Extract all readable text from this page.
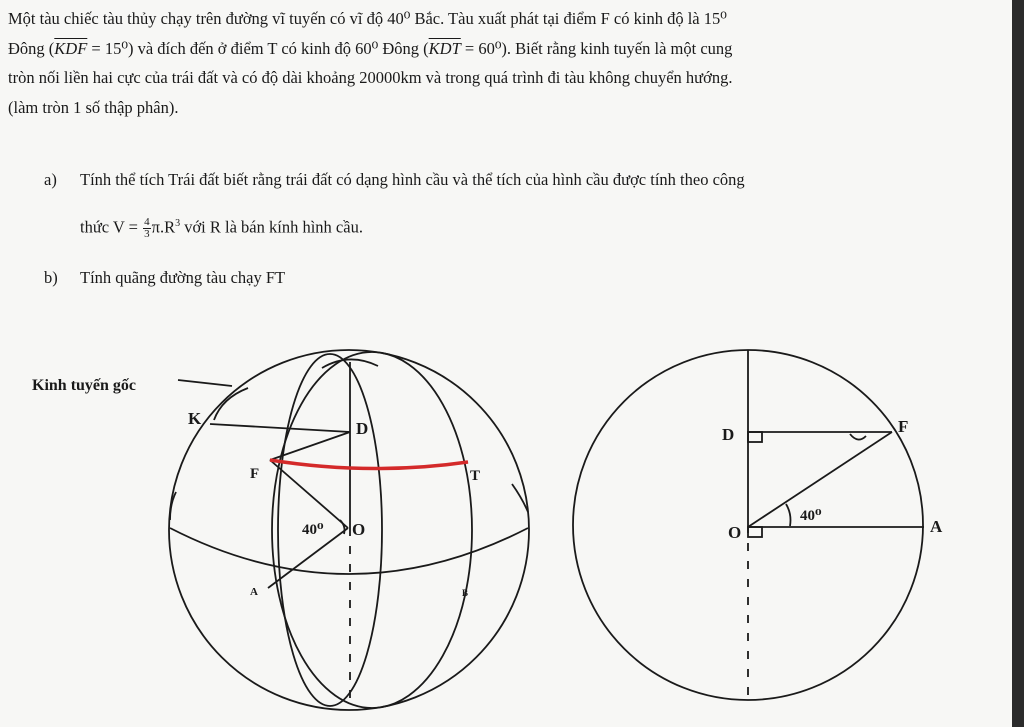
Một tàu chiếc tàu thủy chạy trên đường vĩ tuyến có vĩ độ 40⁰ Bắc. Tàu xuất phát tại điểm F có kinh độ là 15⁰

Đông $(\overline{KDF} = 15^0)$ và đích đến ở điểm T có kinh độ 60⁰ Đông $(\overline{KDT} = 60^0)$. Biết rằng kinh tuyến là một cung

tròn nối liền hai cực của trái đất và có độ dài khoảng 20000km và trong quá trình đi tàu không chuyển hướng.

(làm tròn 1 số thập phân).

a) Tính thể tích Trái đất biết rằng trái đất có dạng hình cầu và thể tích của hình cầu được tính theo công
thức $V = \frac{4}{3} \pi.R^3$ với R là bán kính hình cầu.
b) Tính quãng đường tàu chạy FT
Kinh tuyến gốc
K
D
F	T
O
40⁰
A	B
D	F
O	A
40⁰
